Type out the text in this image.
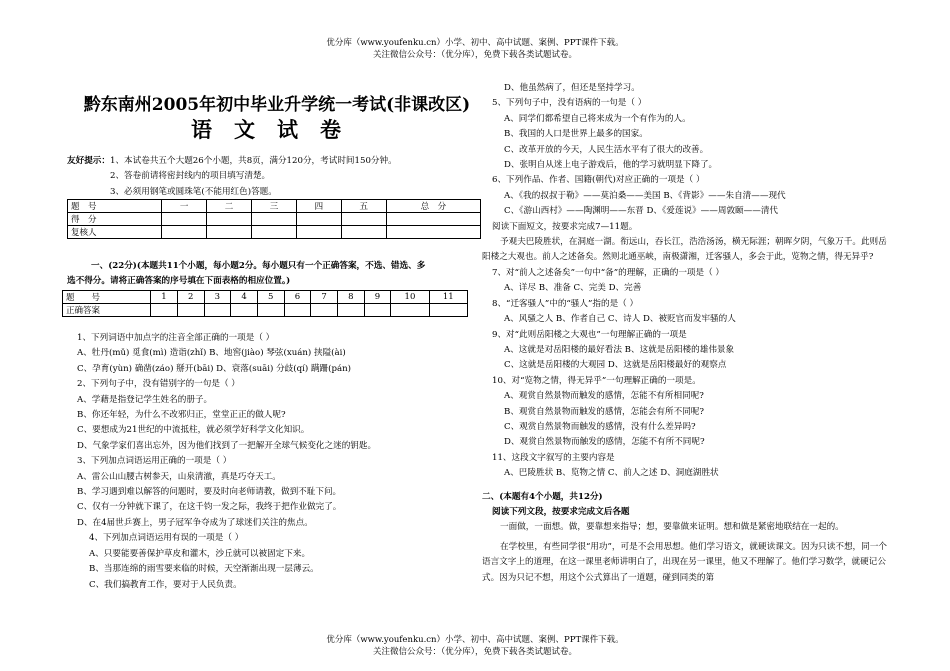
优分库（www.youfenku.cn）小学、初中、高中试题、案例、PPT课件下载。
关注微信公众号：（优分库），免费下载各类试题试卷。
黔东南州2005年初中毕业升学统一考试(非课改区)
语文试卷

友好提示：1、本试卷共五个大题26个小题，共8页，满分120分，考试时间150分钟。

2、答卷前请将密封线内的项目填写清楚。

3、必须用钢笔或圆珠笔(不能用红色)答题。

题　号	一	二	三	四	五	总　分
得　分						
复核人						

一、(22分)(本题共11个小题，每小题2分。每小题只有一个正确答案，不选、错选、多

选不得分。请将正确答案的序号填在下面表格的相应位置。)

题　　号	1	2	3	4	5	6	7	8	9	10	11
正确答案											

1、下列词语中加点字的注音全部正确的一项是（ ）

A、牡丹(mǔ) 觅食(mì) 造诣(zhǐ) B、地窖(jiào) 琴弦(xuán) 挟隘(ài)

C、孕育(yùn) 确凿(záo) 掰开(bāi) D、衰落(suāi) 分歧(qí) 蹒跚(pán)

2、下列句子中，没有错别字的一句是（ ）

A、学藉是指登记学生姓名的册子。

B、你还年轻，为什么不改邪归正，堂堂正正的做人呢?

C、要想成为21世纪的中流抵柱，就必须学好科学文化知识。

D、气象学家们喜出忘外，因为他们找到了一把解开全球气候变化之迷的钥匙。

3、下列加点词语运用正确的一项是（ ）

A、雷公山山腰古树参天，山泉清澈，真是巧夺天工。

B、学习遇到难以解答的问题时，要及时向老师请教，做到不耻下问。

C、仅有一分钟就下课了，在这千钧一发之际，我终于把作业做完了。

D、在4届世乒赛上，男子冠军争夺成为了球迷们关注的焦点。

4、下列加点词语运用有误的一项是（ ）

A、只要能要善保护草皮和灌木，沙丘就可以被固定下来。

B、当那连绵的雨雪要来临的时候，天空渐渐出现一层薄云。

C、我们搞教育工作，要对于人民负责。

D、他虽然病了，但还是坚持学习。

5、下列句子中，没有语病的一句是（ ）

A、同学们都希望自己将来成为一个有作为的人。

B、我国的人口是世界上最多的国家。

C、改革开放的今天，人民生活水平有了很大的改善。

D、张明自从迷上电子游戏后，他的学习就明显下降了。

6、下列作品、作者、国籍(朝代)对应正确的一项是（ ）

A、《我的叔叔于勒》——莫泊桑——美国 B、《背影》——朱自清——现代

C、《游山西村》——陶渊明——东晋 D、《爱莲说》——周敦颐——清代

阅读下面短文，按要求完成7—11题。

予观夫巴陵胜状，在洞庭一湖。衔远山，吞长江，浩浩汤汤，横无际涯；朝晖夕阴，气象万千。此则岳阳楼之大观也。前人之述备矣。然则北通巫峡，南极潇湘，迁客骚人，多会于此，览物之情，得无异乎?

7、对“前人之述备矣”一句中“备”的理解，正确的一项是（ ）

A、详尽 B、准备 C、完美 D、完善

8、“迁客骚人”中的“骚人”指的是（ ）

A、风骚之人 B、作者自己 C、诗人 D、被贬官而发牢骚的人

9、对“此则岳阳楼之大观也”一句理解正确的一项是

A、这就是对岳阳楼的最好看法 B、这就是岳阳楼的雄伟景象

C、这就是岳阳楼的大观园 D、这就是岳阳楼最好的观察点

10、对“览物之情，得无异乎”一句理解正确的一项是。

A、观赏自然景物而触发的感情，怎能不有所相同呢?

B、观赏自然景物而触发的感情，怎能会有所不同呢?

C、观赏自然景物而触发的感情，没有什么差异吗?

D、观赏自然景物而触发的感情，怎能不有所不同呢?

11、这段文字叙写的主要内容是

A、巴陵胜状 B、览物之情 C、前人之述 D、洞庭湖胜状

二、(本题有4个小题，共12分)

阅读下列文段，按要求完成文后各题

一面做，一面想。做，要靠想来指导；想，要靠做来证明。想和做是紧密地联结在一起的。

在学校里，有些同学很“用功”，可是不会用思想。他们学习语文，就硬读课文。因为只读不想，同一个语言文字上的道理，在这一课里老师讲明白了，出现在另一课里，他又不理解了。他们学习数学，就硬记公式。因为只记不想，用这个公式算出了一道题，碰到同类的第

优分库（www.youfenku.cn）小学、初中、高中试题、案例、PPT课件下载。
关注微信公众号：（优分库），免费下载各类试题试卷。
